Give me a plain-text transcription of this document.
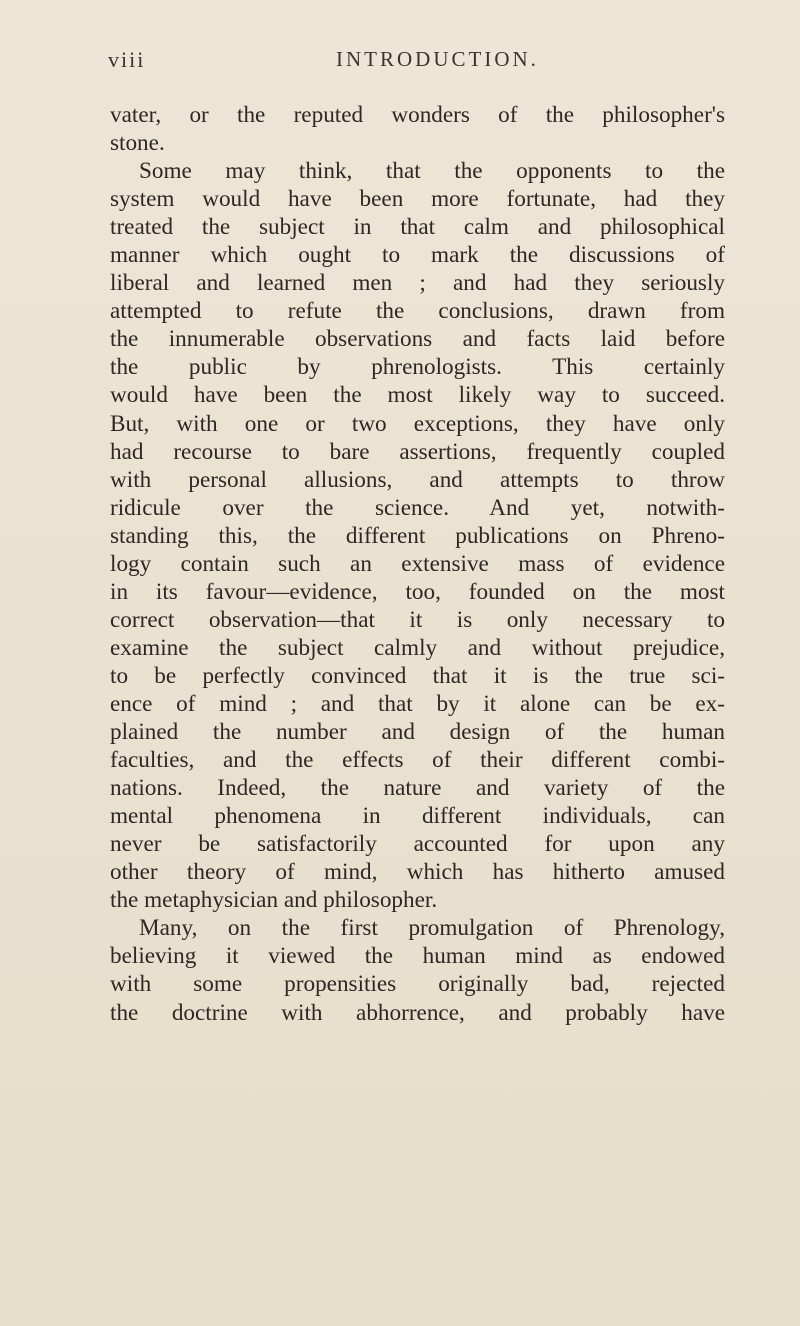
viii	INTRODUCTION.
vater, or the reputed wonders of the philosopher's
stone.
Some may think, that the opponents to the
system would have been more fortunate, had they
treated the subject in that calm and philosophical
manner which ought to mark the discussions of
liberal and learned men ; and had they seriously
attempted to refute the conclusions, drawn from
the innumerable observations and facts laid before
the public by phrenologists. This certainly
would have been the most likely way to succeed.
But, with one or two exceptions, they have only
had recourse to bare assertions, frequently coupled
with personal allusions, and attempts to throw
ridicule over the science. And yet, notwith-
standing this, the different publications on Phreno-
logy contain such an extensive mass of evidence
in its favour—evidence, too, founded on the most
correct observation—that it is only necessary to
examine the subject calmly and without prejudice,
to be perfectly convinced that it is the true sci-
ence of mind ; and that by it alone can be ex-
plained the number and design of the human
faculties, and the effects of their different combi-
nations. Indeed, the nature and variety of the
mental phenomena in different individuals, can
never be satisfactorily accounted for upon any
other theory of mind, which has hitherto amused
the metaphysician and philosopher.
Many, on the first promulgation of Phrenology,
believing it viewed the human mind as endowed
with some propensities originally bad, rejected
the doctrine with abhorrence, and probably have
